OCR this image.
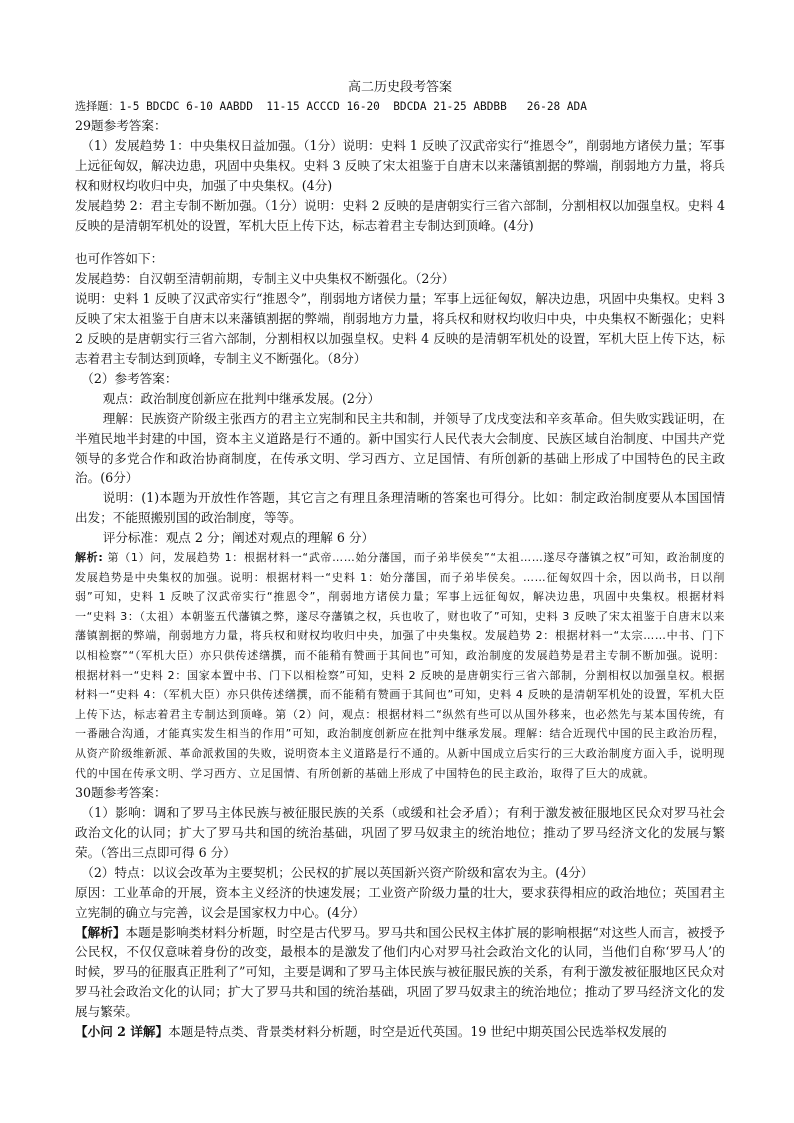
高二历史段考答案
选择题：1-5 BDCDC 6-10 AABDD  11-15 ACCCD 16-20  BDCDA 21-25 ABDBB   26-28 ADA

29题参考答案：

（1）发展趋势 1：中央集权日益加强。（1分）说明：史料 1 反映了汉武帝实行“推恩令”，削弱地方诸侯力量；军事上远征匈奴，解决边患，巩固中央集权。史料 3 反映了宋太祖鉴于自唐末以来藩镇割据的弊端，削弱地方力量，将兵权和财权均收归中央，加强了中央集权。(4分)

发展趋势 2：君主专制不断加强。（1分）说明：史料 2 反映的是唐朝实行三省六部制，分割相权以加强皇权。史料 4 反映的是清朝军机处的设置，军机大臣上传下达，标志着君主专制达到顶峰。(4分)

也可作答如下：

发展趋势：自汉朝至清朝前期，专制主义中央集权不断强化。（2分）

说明：史料 1 反映了汉武帝实行“推恩令”，削弱地方诸侯力量；军事上远征匈奴，解决边患，巩固中央集权。史料 3 反映了宋太祖鉴于自唐末以来藩镇割据的弊端，削弱地方力量，将兵权和财权均收归中央，中央集权不断强化；史料 2 反映的是唐朝实行三省六部制，分割相权以加强皇权。史料 4 反映的是清朝军机处的设置，军机大臣上传下达，标志着君主专制达到顶峰，专制主义不断强化。（8分）

（2）参考答案：

观点：政治制度创新应在批判中继承发展。(2分）

理解：民族资产阶级主张西方的君主立宪制和民主共和制，并领导了戊戌变法和辛亥革命。但失败实践证明，在半殖民地半封建的中国，资本主义道路是行不通的。新中国实行人民代表大会制度、民族区域自治制度、中国共产党领导的多党合作和政治协商制度，在传承文明、学习西方、立足国情、有所创新的基础上形成了中国特色的民主政治。(6分）

说明：(1)本题为开放性作答题，其它言之有理且条理清晰的答案也可得分。比如：制定政治制度要从本国国情出发；不能照搬别国的政治制度，等等。

评分标准：观点 2 分；阐述对观点的理解 6 分）

解析: 第（1）问，发展趋势 1：根据材料一“武帝……始分藩国，而子弟毕侯矣”“太祖……遂尽夺藩镇之权”可知，政治制度的发展趋势是中央集权的加强。说明：根据材料一“史料 1：始分藩国，而子弟毕侯矣。……征匈奴四十余，因以尚书，日以削弱”可知，史料 1 反映了汉武帝实行“推恩令”，削弱地方诸侯力量；军事上远征匈奴，解决边患，巩固中央集权。根据材料一“史料 3：（太祖）本朝鉴五代藩镇之弊，遂尽夺藩镇之权，兵也收了，财也收了”可知，史料 3 反映了宋太祖鉴于自唐末以来藩镇割据的弊端，削弱地方力量，将兵权和财权均收归中央，加强了中央集权。发展趋势 2：根据材料一“太宗……中书、门下以相检察”“（军机大臣）亦只供传述缮撰，而不能稍有赞画于其间也”可知，政治制度的发展趋势是君主专制不断加强。说明：根据材料一“史料 2：国家本置中书、门下以相检察”可知，史料 2 反映的是唐朝实行三省六部制，分割相权以加强皇权。根据材料一“史料 4：（军机大臣）亦只供传述缮撰，而不能稍有赞画于其间也”可知，史料 4 反映的是清朝军机处的设置，军机大臣上传下达，标志着君主专制达到顶峰。第（2）问，观点：根据材料二“纵然有些可以从国外移来，也必然先与某本国传统，有一番融合沟通，才能真实发生相当的作用”可知，政治制度创新应在批判中继承发展。理解：结合近现代中国的民主政治历程，从资产阶级维新派、革命派救国的失败，说明资本主义道路是行不通的。从新中国成立后实行的三大政治制度方面入手，说明现代的中国在传承文明、学习西方、立足国情、有所创新的基础上形成了中国特色的民主政治，取得了巨大的成就。

30题参考答案：

（1）影响：调和了罗马主体民族与被征服民族的关系（或缓和社会矛盾）；有利于激发被征服地区民众对罗马社会政治文化的认同；扩大了罗马共和国的统治基础，巩固了罗马奴隶主的统治地位；推动了罗马经济文化的发展与繁荣。（答出三点即可得 6 分）

（2）特点：以议会改革为主要契机；公民权的扩展以英国新兴资产阶级和富农为主。(4分）

原因：工业革命的开展，资本主义经济的快速发展；工业资产阶级力量的壮大，要求获得相应的政治地位；英国君主立宪制的确立与完善，议会是国家权力中心。(4分）

【解析】本题是影响类材料分析题，时空是古代罗马。罗马共和国公民权主体扩展的影响根据“对这些人而言，被授予公民权，不仅仅意味着身份的改变，最根本的是激发了他们内心对罗马社会政治文化的认同，当他们自称‘罗马人’的时候，罗马的征服真正胜利了”可知，主要是调和了罗马主体民族与被征服民族的关系，有利于激发被征服地区民众对罗马社会政治文化的认同；扩大了罗马共和国的统治基础，巩固了罗马奴隶主的统治地位；推动了罗马经济文化的发展与繁荣。

【小问 2 详解】本题是特点类、背景类材料分析题，时空是近代英国。19 世纪中期英国公民选举权发展的
